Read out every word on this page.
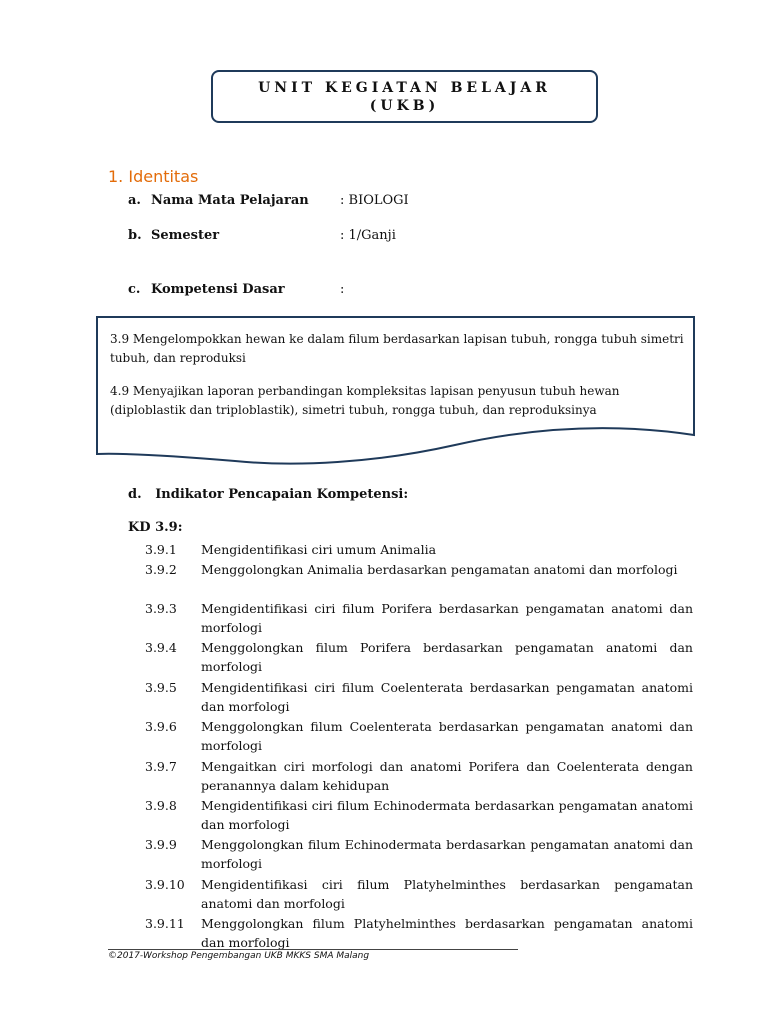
UNIT KEGIATAN BELAJAR
(UKB)
1. Identitas
a. Nama Mata Pelajaran : BIOLOGI
b. Semester	: 1/Ganji
c. Kompetensi Dasar	:
3.9 Mengelompokkan hewan ke dalam filum berdasarkan lapisan tubuh, rongga tubuh simetri tubuh, dan reproduksi
4.9 Menyajikan laporan perbandingan kompleksitas lapisan penyusun tubuh hewan (diploblastik dan triploblastik), simetri tubuh, rongga tubuh, dan reproduksinya
d.   Indikator Pencapaian Kompetensi:
KD 3.9:
3.9.1	Mengidentifikasi ciri umum Animalia
3.9.2	Menggolongkan Animalia berdasarkan pengamatan anatomi dan morfologi
3.9.3	Mengidentifikasi ciri filum Porifera berdasarkan pengamatan anatomi dan morfologi
3.9.4	Menggolongkan filum Porifera berdasarkan pengamatan anatomi dan morfologi
3.9.5	Mengidentifikasi ciri filum Coelenterata berdasarkan pengamatan anatomi dan morfologi
3.9.6	Menggolongkan filum Coelenterata berdasarkan pengamatan anatomi dan morfologi
3.9.7	Mengaitkan ciri morfologi dan anatomi Porifera dan Coelenterata dengan peranannya dalam kehidupan
3.9.8	Mengidentifikasi ciri filum Echinodermata berdasarkan pengamatan anatomi dan morfologi
3.9.9	Menggolongkan filum Echinodermata berdasarkan pengamatan anatomi dan morfologi
3.9.10	Mengidentifikasi ciri filum Platyhelminthes berdasarkan pengamatan anatomi dan morfologi
3.9.11	Menggolongkan filum Platyhelminthes berdasarkan pengamatan anatomi dan morfologi
©2017-Workshop Pengembangan UKB MKKS SMA Malang
